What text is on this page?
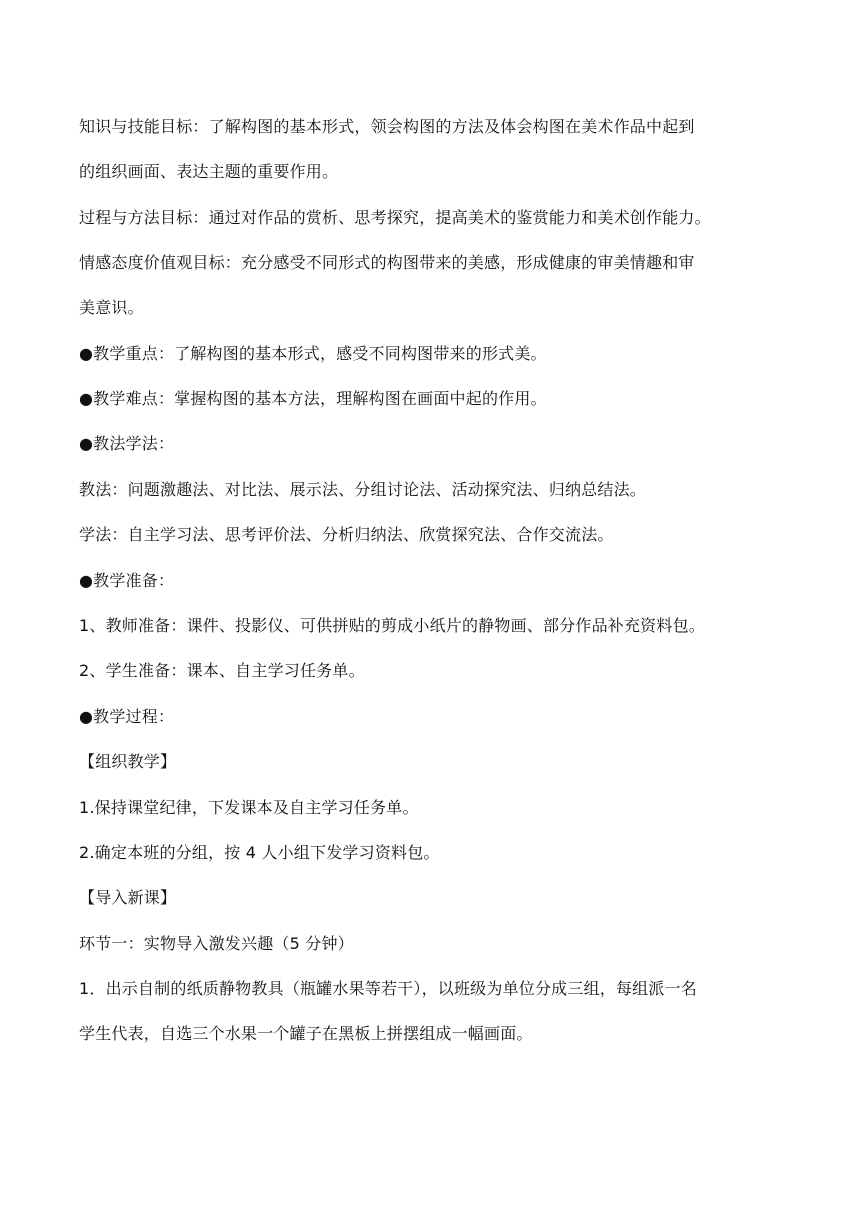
知识与技能目标：了解构图的基本形式，领会构图的方法及体会构图在美术作品中起到
的组织画面、表达主题的重要作用。
过程与方法目标：通过对作品的赏析、思考探究，提高美术的鉴赏能力和美术创作能力。
情感态度价值观目标：充分感受不同形式的构图带来的美感，形成健康的审美情趣和审
美意识。
●教学重点：了解构图的基本形式，感受不同构图带来的形式美。
●教学难点：掌握构图的基本方法，理解构图在画面中起的作用。
●教法学法：
教法：问题激趣法、对比法、展示法、分组讨论法、活动探究法、归纳总结法。
学法：自主学习法、思考评价法、分析归纳法、欣赏探究法、合作交流法。
●教学准备：
1、教师准备：课件、投影仪、可供拼贴的剪成小纸片的静物画、部分作品补充资料包。
2、学生准备：课本、自主学习任务单。
●教学过程：
【组织教学】
1.保持课堂纪律，下发课本及自主学习任务单。
2.确定本班的分组，按 4 人小组下发学习资料包。
【导入新课】
环节一：实物导入激发兴趣（5 分钟）
1．出示自制的纸质静物教具（瓶罐水果等若干），以班级为单位分成三组，每组派一名
学生代表，自选三个水果一个罐子在黑板上拼摆组成一幅画面。
